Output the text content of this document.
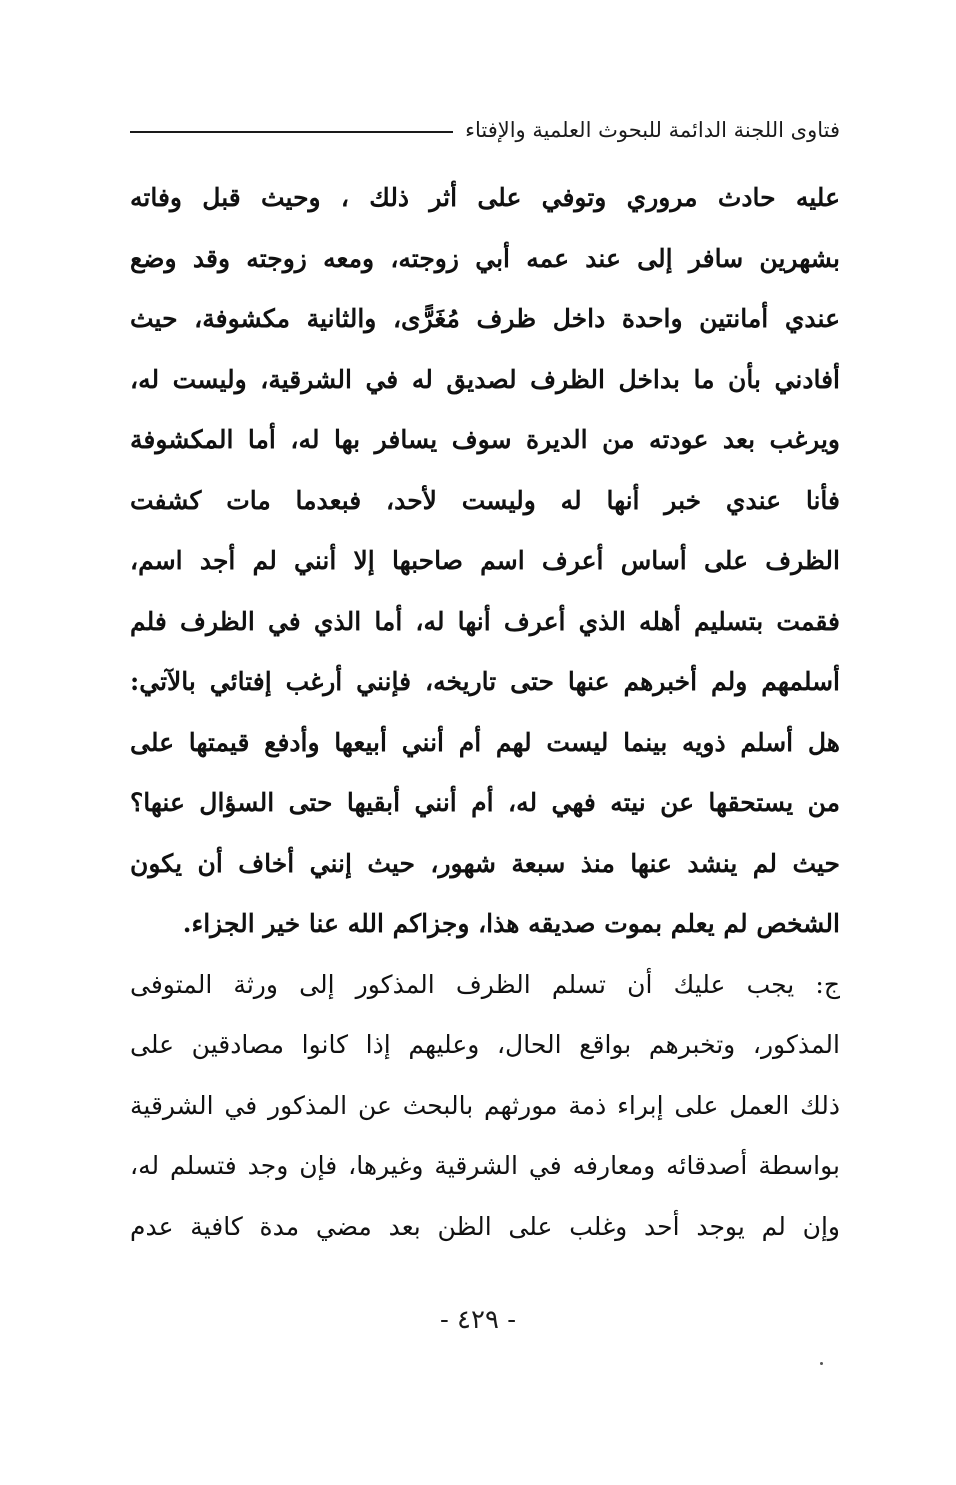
فتاوى اللجنة الدائمة للبحوث العلمية والإفتاء
عليه حادث مروري وتوفي على أثر ذلك ، وحيث قبل وفاته
بشهرين سافر إلى عند عمه أبي زوجته، ومعه زوجته وقد وضع
عندي أمانتين واحدة داخل ظرف مُغَرًّى، والثانية مكشوفة، حيث
أفادني بأن ما بداخل الظرف لصديق له في الشرقية، وليست له،
ويرغب بعد عودته من الديرة سوف يسافر بها له، أما المكشوفة
فأنا عندي خبر أنها له وليست لأحد، فبعدما مات كشفت
الظرف على أساس أعرف اسم صاحبها إلا أنني لم أجد اسم،
فقمت بتسليم أهله الذي أعرف أنها له، أما الذي في الظرف فلم
أسلمهم ولم أخبرهم عنها حتى تاريخه، فإنني أرغب إفتائي بالآتي:
هل أسلم ذويه بينما ليست لهم أم أنني أبيعها وأدفع قيمتها على
من يستحقها عن نيته فهي له، أم أنني أبقيها حتى السؤال عنها؟
حيث لم ينشد عنها منذ سبعة شهور، حيث إنني أخاف أن يكون
الشخص لم يعلم بموت صديقه هذا، وجزاكم الله عنا خير الجزاء.
ج: يجب عليك أن تسلم الظرف المذكور إلى ورثة المتوفى
المذكور، وتخبرهم بواقع الحال، وعليهم إذا كانوا مصادقين على
ذلك العمل على إبراء ذمة مورثهم بالبحث عن المذكور في الشرقية
بواسطة أصدقائه ومعارفه في الشرقية وغيرها، فإن وجد فتسلم له،
وإن لم يوجد أحد وغلب على الظن بعد مضي مدة كافية عدم
- ٤٢٩ -
